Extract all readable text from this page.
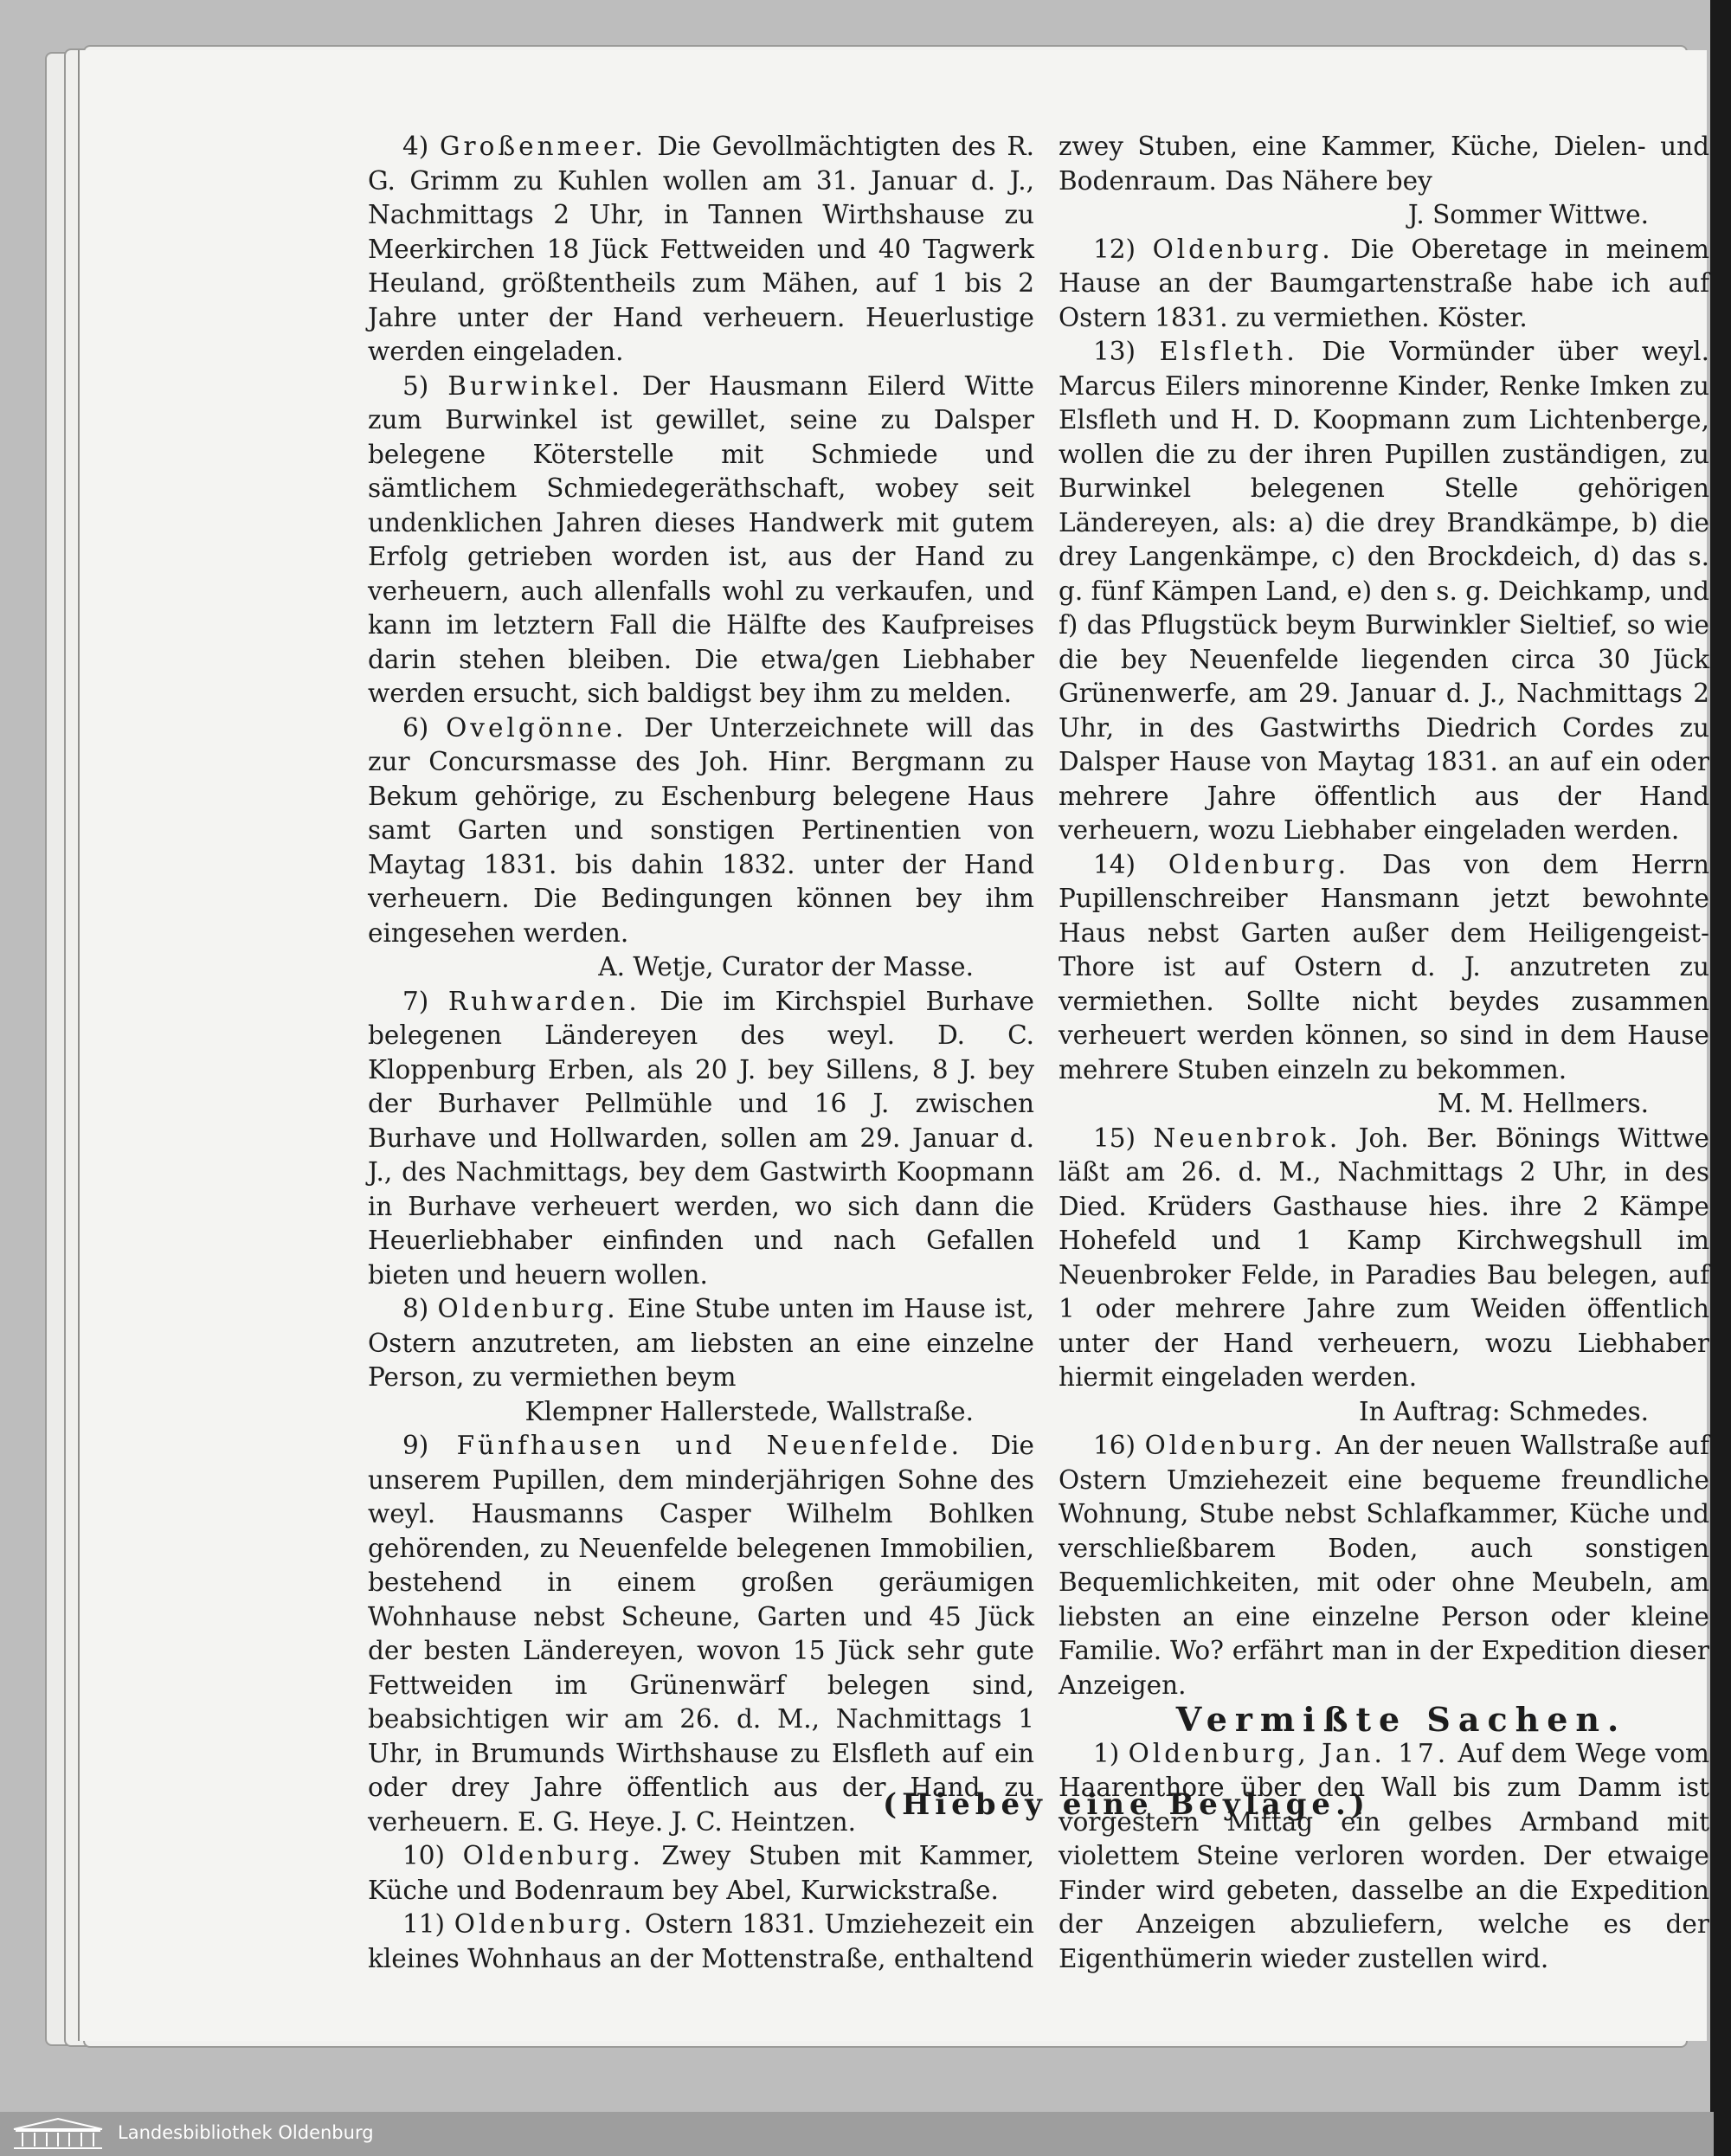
4) Großenmeer. Die Gevollmächtigten des R. G. Grimm zu Kuhlen wollen am 31. Januar d. J., Nachmittags 2 Uhr, in Tannen Wirthshause zu Meerkirchen 18 Jück Fettweiden und 40 Tagwerk Heuland, größtentheils zum Mähen, auf 1 bis 2 Jahre unter der Hand verheuern. Heuerlustige werden eingeladen.

5) Burwinkel. Der Hausmann Eilerd Witte zum Burwinkel ist gewillet, seine zu Dalsper belegene Köterstelle mit Schmiede und sämtlichem Schmiedegeräthschaft, wobey seit undenklichen Jahren dieses Handwerk mit gutem Erfolg getrieben worden ist, aus der Hand zu verheuern, auch allenfalls wohl zu verkaufen, und kann im letztern Fall die Hälfte des Kaufpreises darin stehen bleiben. Die etwa/gen Liebhaber werden ersucht, sich baldigst bey ihm zu melden.

6) Ovelgönne. Der Unterzeichnete will das zur Concursmasse des Joh. Hinr. Bergmann zu Bekum gehörige, zu Eschenburg belegene Haus samt Garten und sonstigen Pertinentien von Maytag 1831. bis dahin 1832. unter der Hand verheuern. Die Bedingungen können bey ihm eingesehen werden.

A. Wetje, Curator der Masse.

7) Ruhwarden. Die im Kirchspiel Burhave belegenen Ländereyen des weyl. D. C. Kloppenburg Erben, als 20 J. bey Sillens, 8 J. bey der Burhaver Pellmühle und 16 J. zwischen Burhave und Hollwarden, sollen am 29. Januar d. J., des Nachmittags, bey dem Gastwirth Koopmann in Burhave verheuert werden, wo sich dann die Heuerliebhaber einfinden und nach Gefallen bieten und heuern wollen.

8) Oldenburg. Eine Stube unten im Hause ist, Ostern anzutreten, am liebsten an eine einzelne Person, zu vermiethen beym

Klempner Hallerstede, Wallstraße.

9) Fünfhausen und Neuenfelde. Die unserem Pupillen, dem minderjährigen Sohne des weyl. Hausmanns Casper Wilhelm Bohlken gehörenden, zu Neuenfelde belegenen Immobilien, bestehend in einem großen geräumigen Wohnhause nebst Scheune, Garten und 45 Jück der besten Ländereyen, wovon 15 Jück sehr gute Fettweiden im Grünenwärf belegen sind, beabsichtigen wir am 26. d. M., Nachmittags 1 Uhr, in Brumunds Wirthshause zu Elsfleth auf ein oder drey Jahre öffentlich aus der Hand zu verheuern. E. G. Heye. J. C. Heintzen.

10) Oldenburg. Zwey Stuben mit Kammer, Küche und Bodenraum bey Abel, Kurwickstraße.

11) Oldenburg. Ostern 1831. Umziehezeit ein kleines Wohnhaus an der Mottenstraße, enthaltend

zwey Stuben, eine Kammer, Küche, Dielen- und Bodenraum. Das Nähere bey

J. Sommer Wittwe.

12) Oldenburg. Die Oberetage in meinem Hause an der Baumgartenstraße habe ich auf Ostern 1831. zu vermiethen. Köster.

13) Elsfleth. Die Vormünder über weyl. Marcus Eilers minorenne Kinder, Renke Imken zu Elsfleth und H. D. Koopmann zum Lichtenberge, wollen die zu der ihren Pupillen zuständigen, zu Burwinkel belegenen Stelle gehörigen Ländereyen, als: a) die drey Brandkämpe, b) die drey Langenkämpe, c) den Brockdeich, d) das s. g. fünf Kämpen Land, e) den s. g. Deichkamp, und f) das Pflugstück beym Burwinkler Sieltief, so wie die bey Neuenfelde liegenden circa 30 Jück Grünenwerfe, am 29. Januar d. J., Nachmittags 2 Uhr, in des Gastwirths Diedrich Cordes zu Dalsper Hause von Maytag 1831. an auf ein oder mehrere Jahre öffentlich aus der Hand verheuern, wozu Liebhaber eingeladen werden.

14) Oldenburg. Das von dem Herrn Pupillenschreiber Hansmann jetzt bewohnte Haus nebst Garten außer dem Heiligengeist-Thore ist auf Ostern d. J. anzutreten zu vermiethen. Sollte nicht beydes zusammen verheuert werden können, so sind in dem Hause mehrere Stuben einzeln zu bekommen.

M. M. Hellmers.

15) Neuenbrok. Joh. Ber. Bönings Wittwe läßt am 26. d. M., Nachmittags 2 Uhr, in des Died. Krüders Gasthause hies. ihre 2 Kämpe Hohefeld und 1 Kamp Kirchwegshull im Neuenbroker Felde, in Paradies Bau belegen, auf 1 oder mehrere Jahre zum Weiden öffentlich unter der Hand verheuern, wozu Liebhaber hiermit eingeladen werden.

In Auftrag: Schmedes.

16) Oldenburg. An der neuen Wallstraße auf Ostern Umziehezeit eine bequeme freundliche Wohnung, Stube nebst Schlafkammer, Küche und verschließbarem Boden, auch sonstigen Bequemlichkeiten, mit oder ohne Meubeln, am liebsten an eine einzelne Person oder kleine Familie. Wo? erfährt man in der Expedition dieser Anzeigen.

Vermißte Sachen.

1) Oldenburg, Jan. 17. Auf dem Wege vom Haarenthore über den Wall bis zum Damm ist vorgestern Mittag ein gelbes Armband mit violettem Steine verloren worden. Der etwaige Finder wird gebeten, dasselbe an die Expedition der Anzeigen abzuliefern, welche es der Eigenthümerin wieder zustellen wird.

(Hiebey eine Beylage.)
Landesbibliothek Oldenburg
